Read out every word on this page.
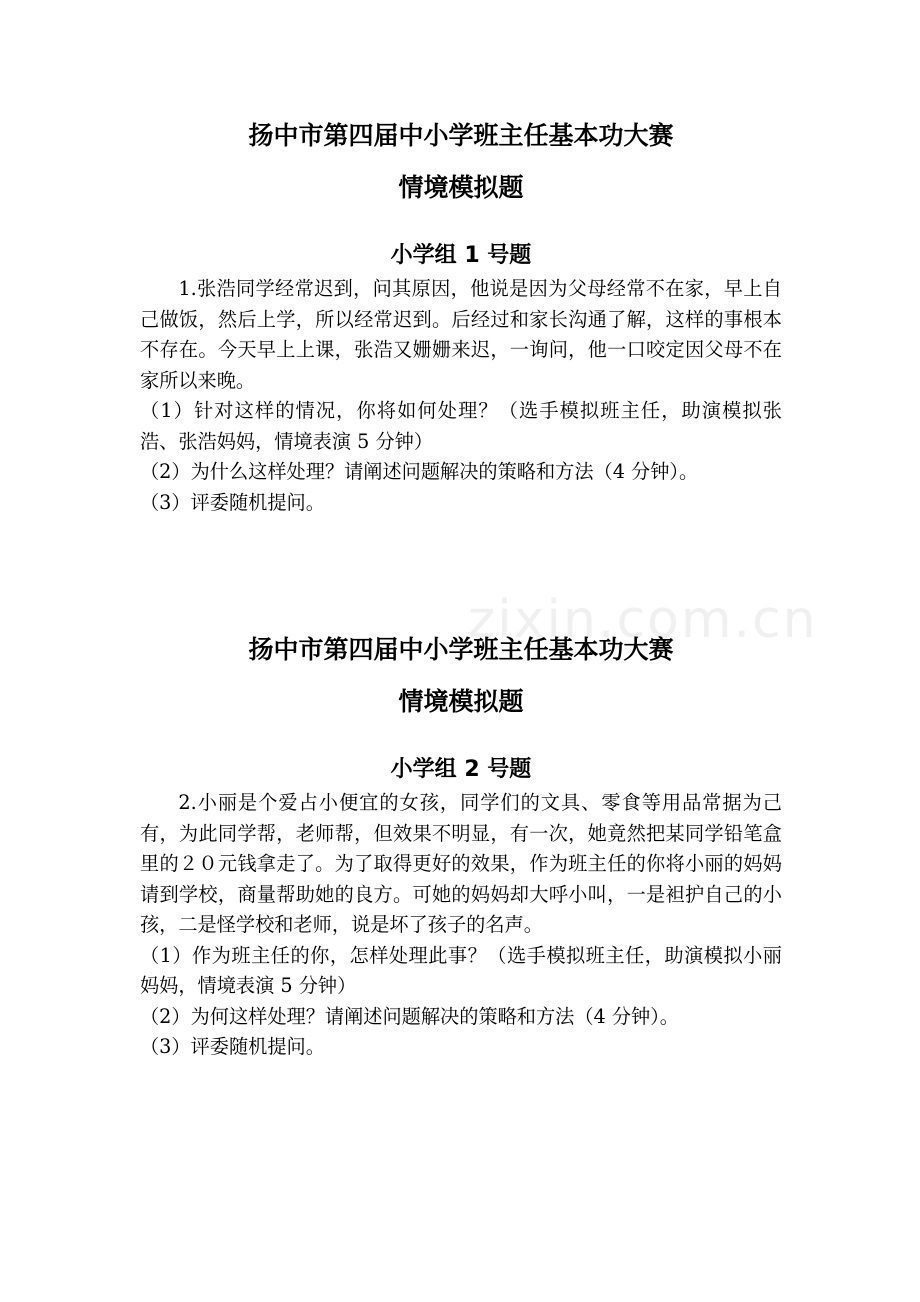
zixin.com.cn
扬中市第四届中小学班主任基本功大赛
情境模拟题
小学组 1 号题

1.张浩同学经常迟到，问其原因，他说是因为父母经常不在家，早上自己做饭，然后上学，所以经常迟到。后经过和家长沟通了解，这样的事根本不存在。今天早上上课，张浩又姗姗来迟，一询问，他一口咬定因父母不在家所以来晚。

（1）针对这样的情况，你将如何处理？（选手模拟班主任，助演模拟张浩、张浩妈妈，情境表演 5 分钟）

（2）为什么这样处理？请阐述问题解决的策略和方法（4 分钟）。

（3）评委随机提问。

扬中市第四届中小学班主任基本功大赛
情境模拟题
小学组 2 号题

2.小丽是个爱占小便宜的女孩，同学们的文具、零食等用品常据为己有，为此同学帮，老师帮，但效果不明显，有一次，她竟然把某同学铅笔盒里的２０元钱拿走了。为了取得更好的效果，作为班主任的你将小丽的妈妈请到学校，商量帮助她的良方。可她的妈妈却大呼小叫，一是袒护自己的小孩，二是怪学校和老师，说是坏了孩子的名声。

（1）作为班主任的你，怎样处理此事？（选手模拟班主任，助演模拟小丽妈妈，情境表演 5 分钟）

（2）为何这样处理？请阐述问题解决的策略和方法（4 分钟）。

（3）评委随机提问。
